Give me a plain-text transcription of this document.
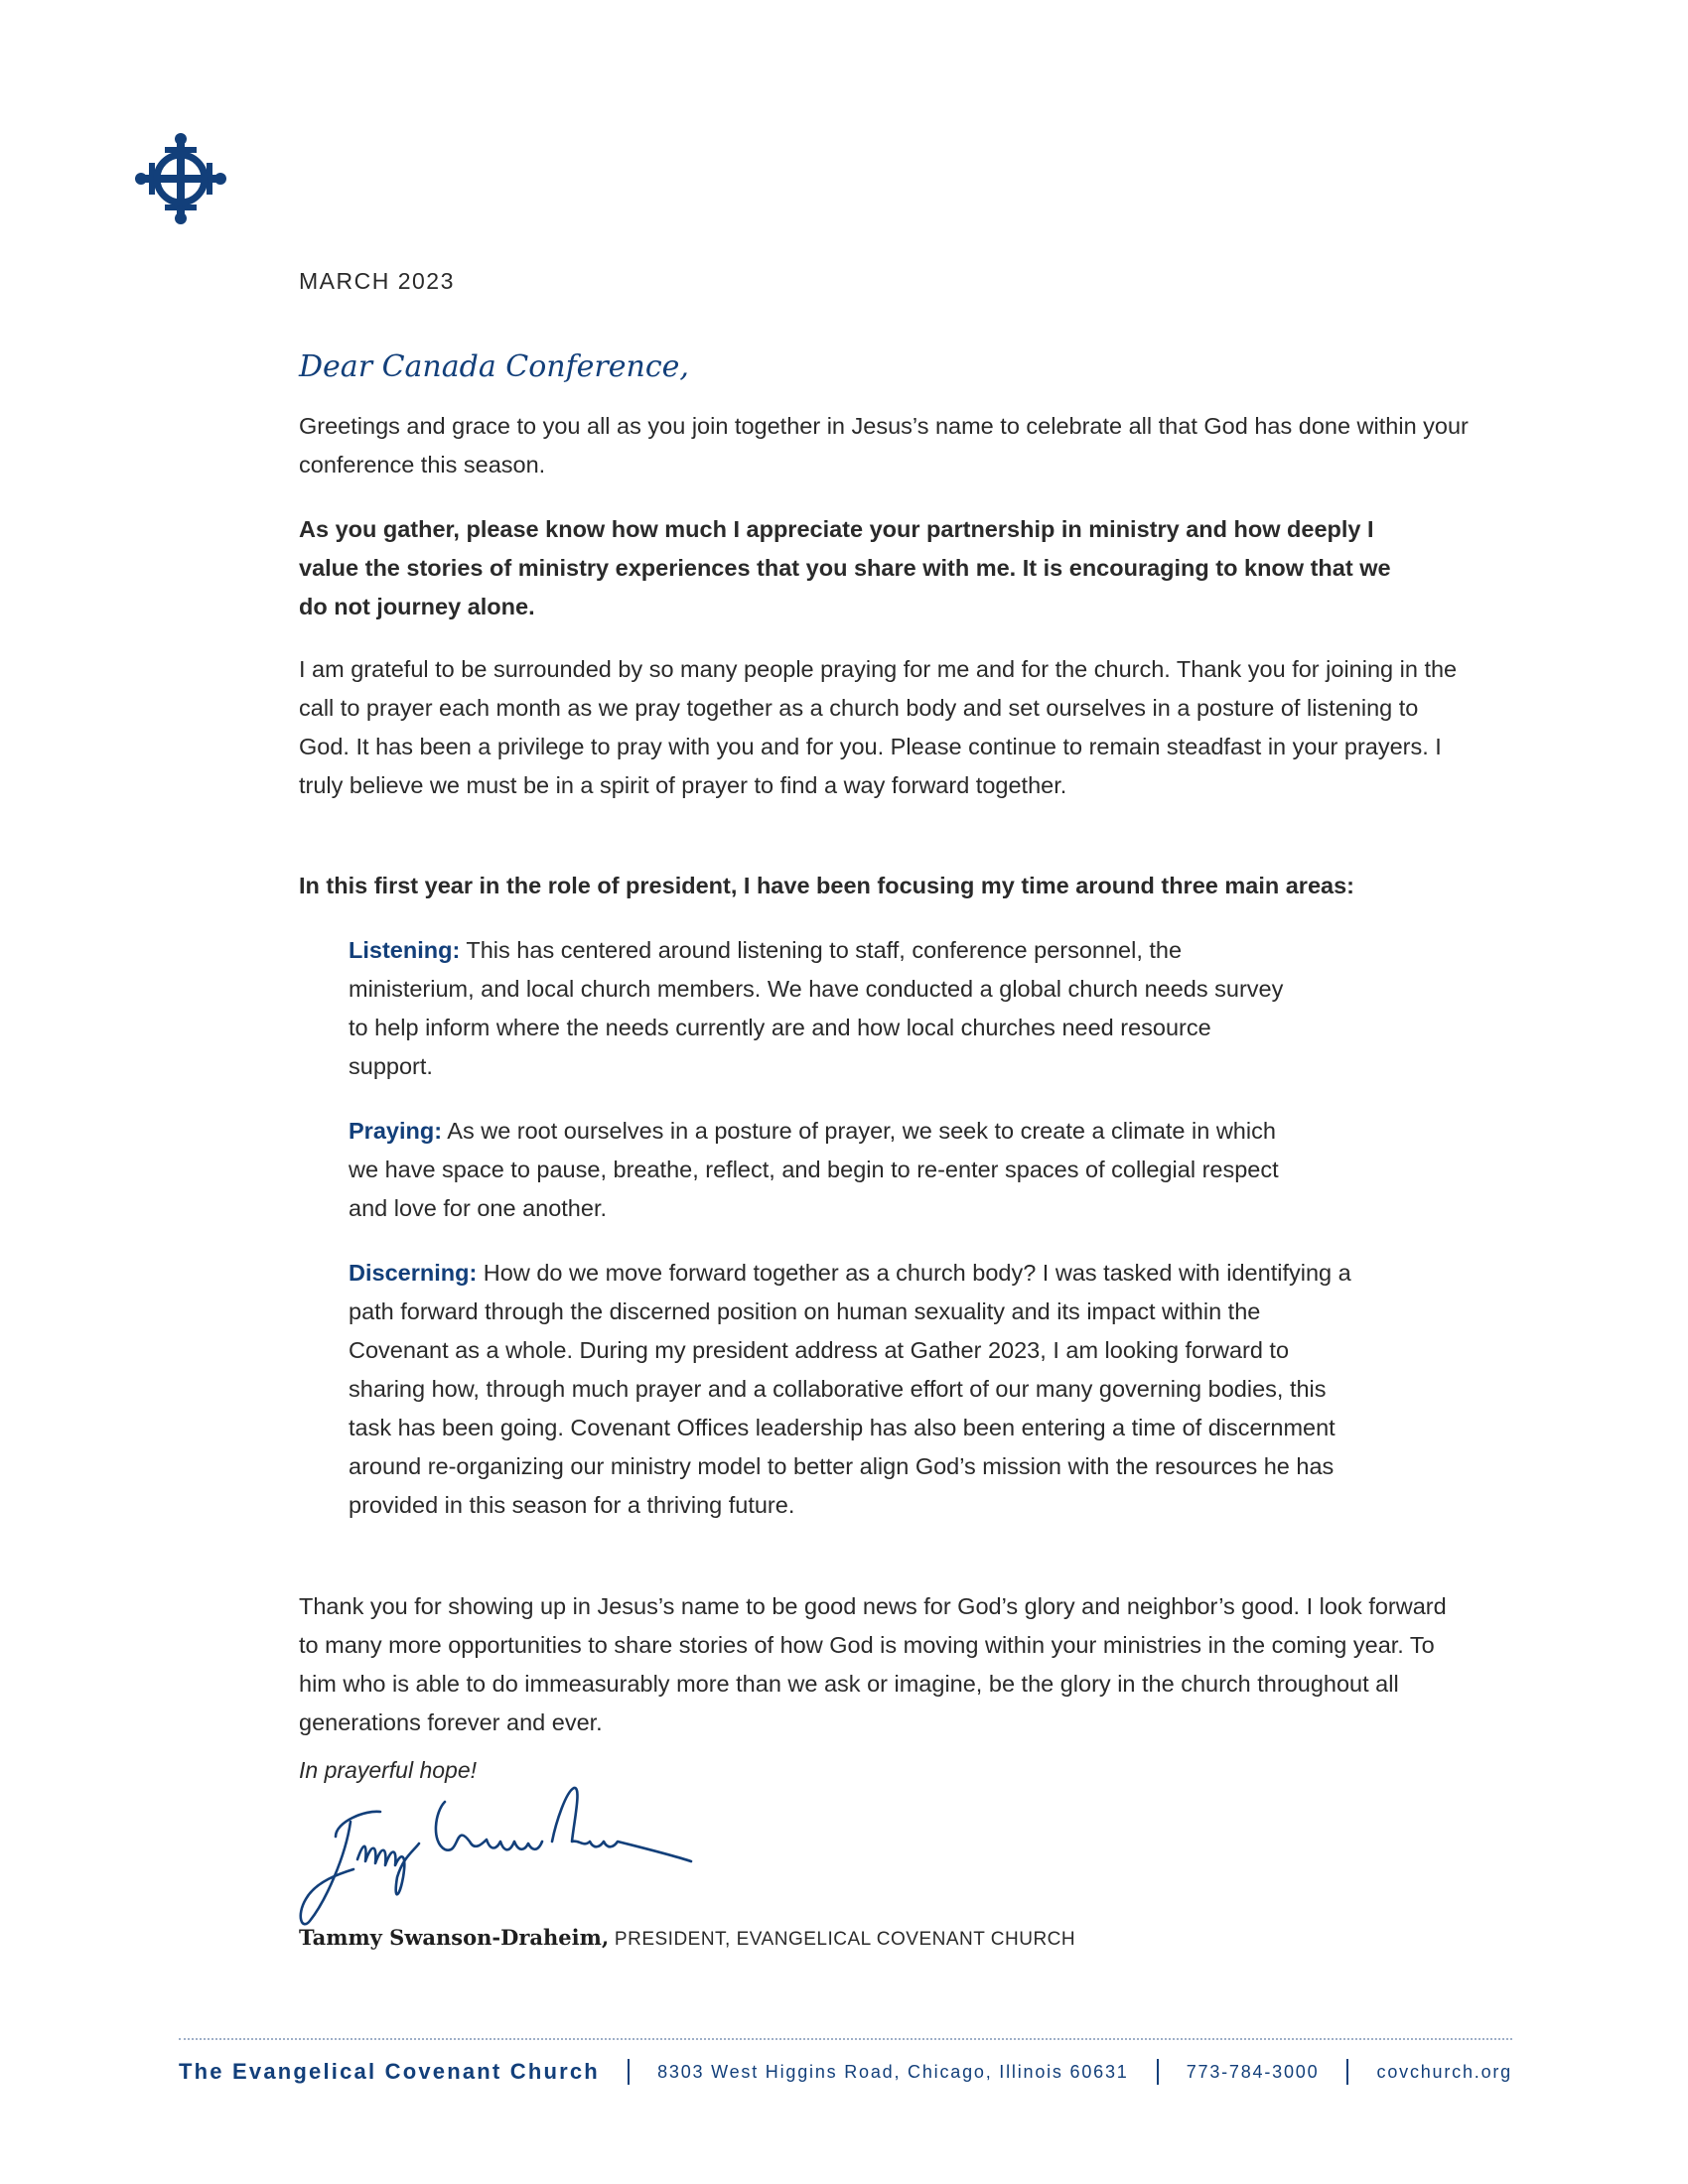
MARCH 2023

Dear Canada Conference,

Greetings and grace to you all as you join together in Jesus’s name to celebrate all that God has done within your conference this season.

As you gather, please know how much I appreciate your partnership in ministry and how deeply I value the stories of ministry experiences that you share with me. It is encouraging to know that we do not journey alone.

I am grateful to be surrounded by so many people praying for me and for the church. Thank you for joining in the call to prayer each month as we pray together as a church body and set ourselves in a posture of listening to God. It has been a privilege to pray with you and for you. Please continue to remain steadfast in your prayers. I truly believe we must be in a spirit of prayer to find a way forward together.

In this first year in the role of president, I have been focusing my time around three main areas:

Listening: This has centered around listening to staff, conference personnel, the ministerium, and local church members. We have conducted a global church needs survey to help inform where the needs currently are and how local churches need resource support.

Praying: As we root ourselves in a posture of prayer, we seek to create a climate in which we have space to pause, breathe, reflect, and begin to re-enter spaces of collegial respect and love for one another.

Discerning: How do we move forward together as a church body? I was tasked with identifying a path forward through the discerned position on human sexuality and its impact within the Covenant as a whole. During my president address at Gather 2023, I am looking forward to sharing how, through much prayer and a collaborative effort of our many governing bodies, this task has been going. Covenant Offices leadership has also been entering a time of discernment around re-organizing our ministry model to better align God’s mission with the resources he has provided in this season for a thriving future.

Thank you for showing up in Jesus’s name to be good news for God’s glory and neighbor’s good. I look forward to many more opportunities to share stories of how God is moving within your ministries in the coming year. To him who is able to do immeasurably more than we ask or imagine, be the glory in the church throughout all generations forever and ever.

In prayerful hope!

Tammy Swanson-Draheim, PRESIDENT, EVANGELICAL COVENANT CHURCH
The Evangelical Covenant Church	8303 West Higgins Road, Chicago, Illinois 60631	773-784-3000	covchurch.org
